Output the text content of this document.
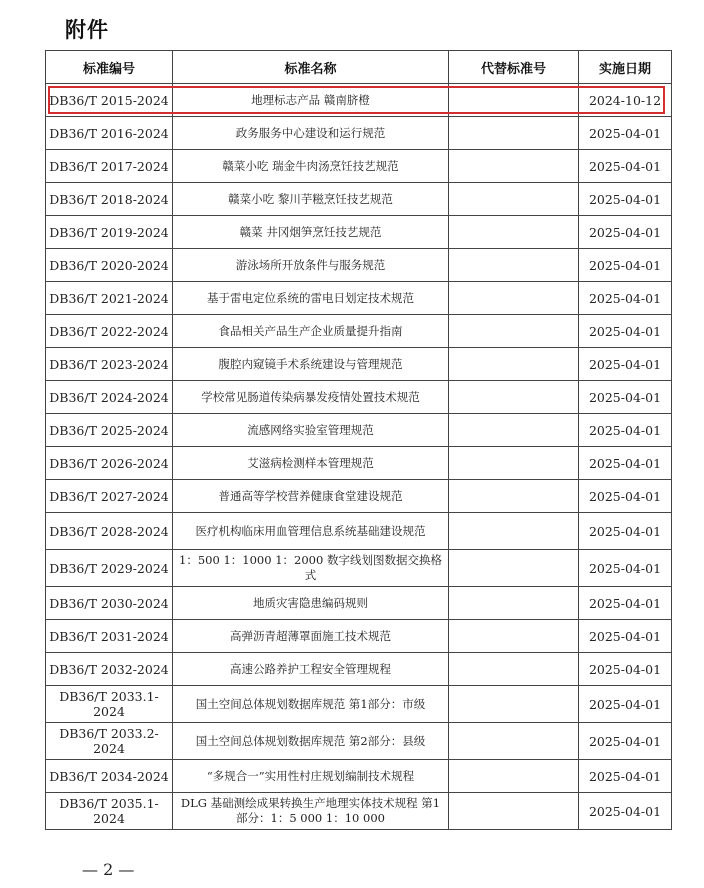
附件
标准编号	标准名称	代替标准号	实施日期
DB36/T 2015-2024	地理标志产品 赣南脐橙		2024-10-12
DB36/T 2016-2024	政务服务中心建设和运行规范		2025-04-01
DB36/T 2017-2024	赣菜小吃 瑞金牛肉汤烹饪技艺规范		2025-04-01
DB36/T 2018-2024	赣菜小吃 黎川芋糍烹饪技艺规范		2025-04-01
DB36/T 2019-2024	赣菜 井冈烟笋烹饪技艺规范		2025-04-01
DB36/T 2020-2024	游泳场所开放条件与服务规范		2025-04-01
DB36/T 2021-2024	基于雷电定位系统的雷电日划定技术规范		2025-04-01
DB36/T 2022-2024	食品相关产品生产企业质量提升指南		2025-04-01
DB36/T 2023-2024	腹腔内窥镜手术系统建设与管理规范		2025-04-01
DB36/T 2024-2024	学校常见肠道传染病暴发疫情处置技术规范		2025-04-01
DB36/T 2025-2024	流感网络实验室管理规范		2025-04-01
DB36/T 2026-2024	艾滋病检测样本管理规范		2025-04-01
DB36/T 2027-2024	普通高等学校营养健康食堂建设规范		2025-04-01
DB36/T 2028-2024	医疗机构临床用血管理信息系统基础建设规范		2025-04-01
DB36/T 2029-2024	1：500 1：1000 1：2000 数字线划图数据交换格式		2025-04-01
DB36/T 2030-2024	地质灾害隐患编码规则		2025-04-01
DB36/T 2031-2024	高弹沥青超薄罩面施工技术规范		2025-04-01
DB36/T 2032-2024	高速公路养护工程安全管理规程		2025-04-01
DB36/T 2033.1-2024	国土空间总体规划数据库规范 第1部分：市级		2025-04-01
DB36/T 2033.2-2024	国土空间总体规划数据库规范 第2部分：县级		2025-04-01
DB36/T 2034-2024	“多规合一”实用性村庄规划编制技术规程		2025-04-01
DB36/T 2035.1-2024	DLG 基础测绘成果转换生产地理实体技术规程 第1部分：1：5 000 1：10 000		2025-04-01
— 2 —
